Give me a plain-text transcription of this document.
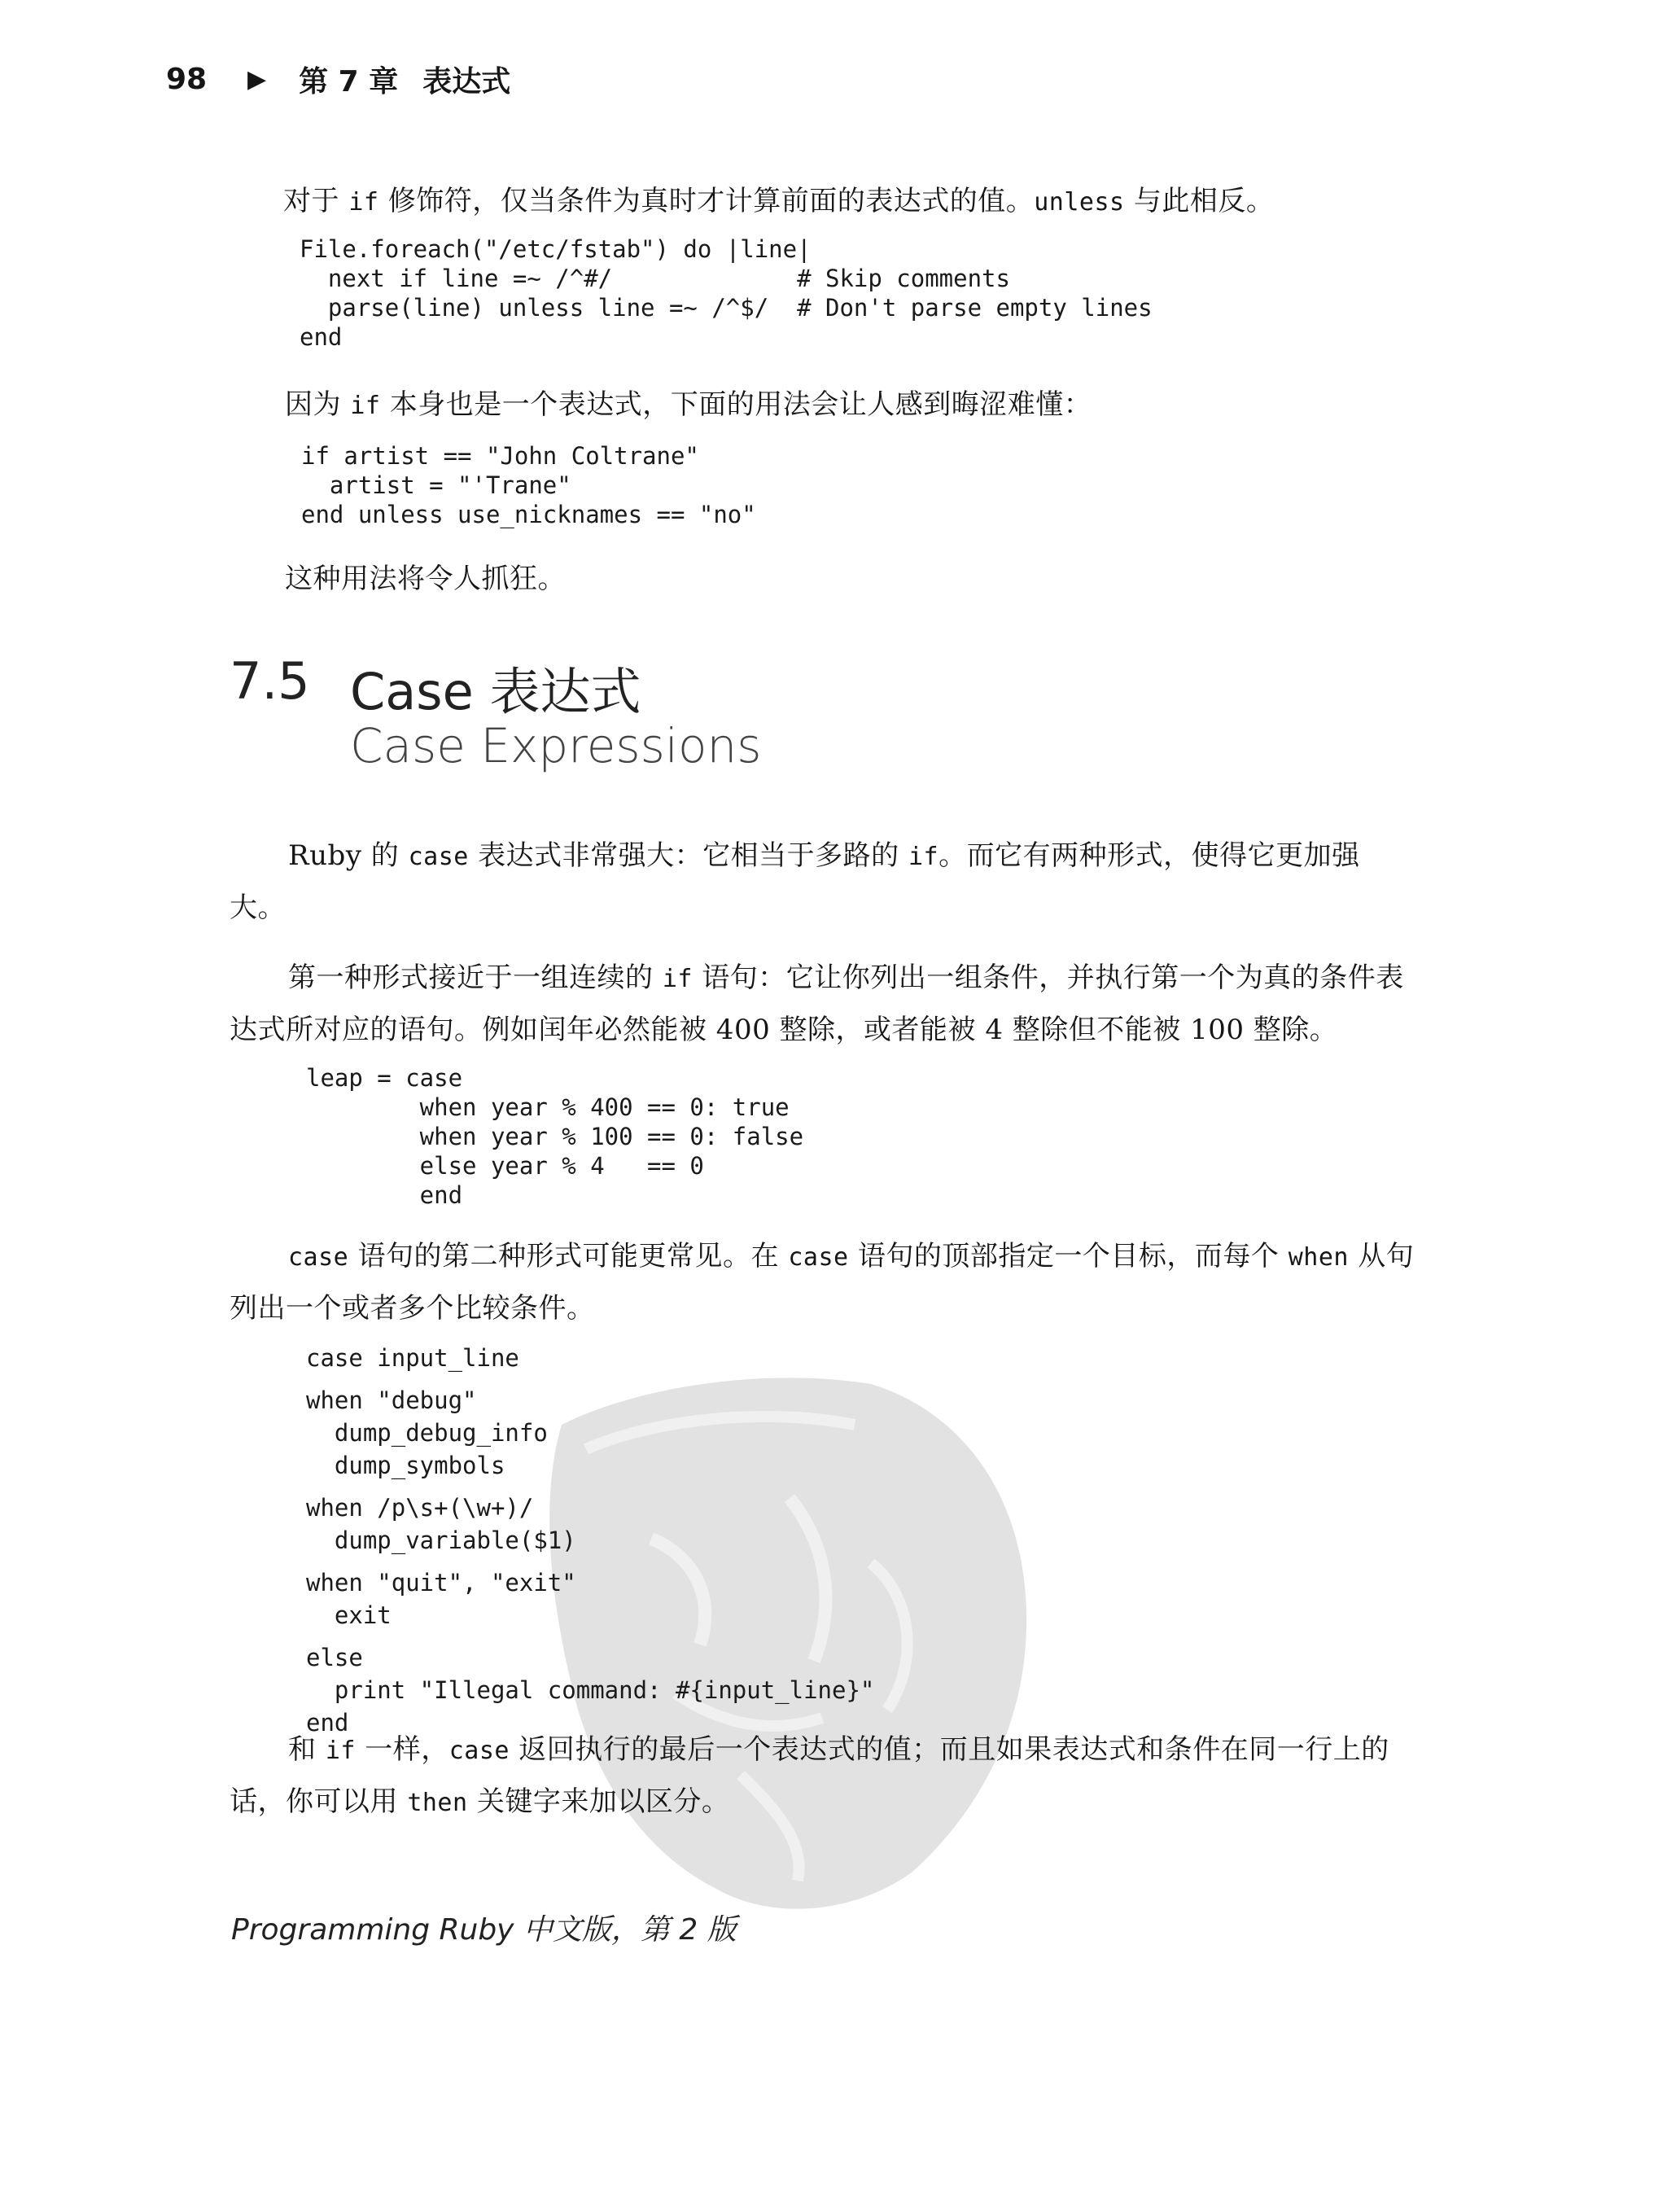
98	▶ 第 7 章 表达式

对于 if 修饰符，仅当条件为真时才计算前面的表达式的值。unless 与此相反。

File.foreach("/etc/fstab") do |line|
next if line =~ /^#/             # Skip comments
parse(line) unless line =~ /^$/  # Don't parse empty lines
end

因为 if 本身也是一个表达式，下面的用法会让人感到晦涩难懂：

if artist == "John Coltrane"
artist = "'Trane"
end unless use_nicknames == "no"

这种用法将令人抓狂。

7.5 Case 表达式
Case Expressions

Ruby 的 case 表达式非常强大：它相当于多路的 if。而它有两种形式，使得它更加强大。

第一种形式接近于一组连续的 if 语句：它让你列出一组条件，并执行第一个为真的条件表达式所对应的语句。例如闰年必然能被 400 整除，或者能被 4 整除但不能被 100 整除。

leap = case
when year % 400 == 0: true
when year % 100 == 0: false
else year % 4   == 0
end

case 语句的第二种形式可能更常见。在 case 语句的顶部指定一个目标，而每个 when 从句列出一个或者多个比较条件。

case input_line
when "debug"
dump_debug_info
dump_symbols
when /p\s+(\w+)/
dump_variable($1)
when "quit", "exit"
exit
else
print "Illegal command: #{input_line}"
end

和 if 一样，case 返回执行的最后一个表达式的值；而且如果表达式和条件在同一行上的话，你可以用 then 关键字来加以区分。

Programming Ruby 中文版，第 2 版
